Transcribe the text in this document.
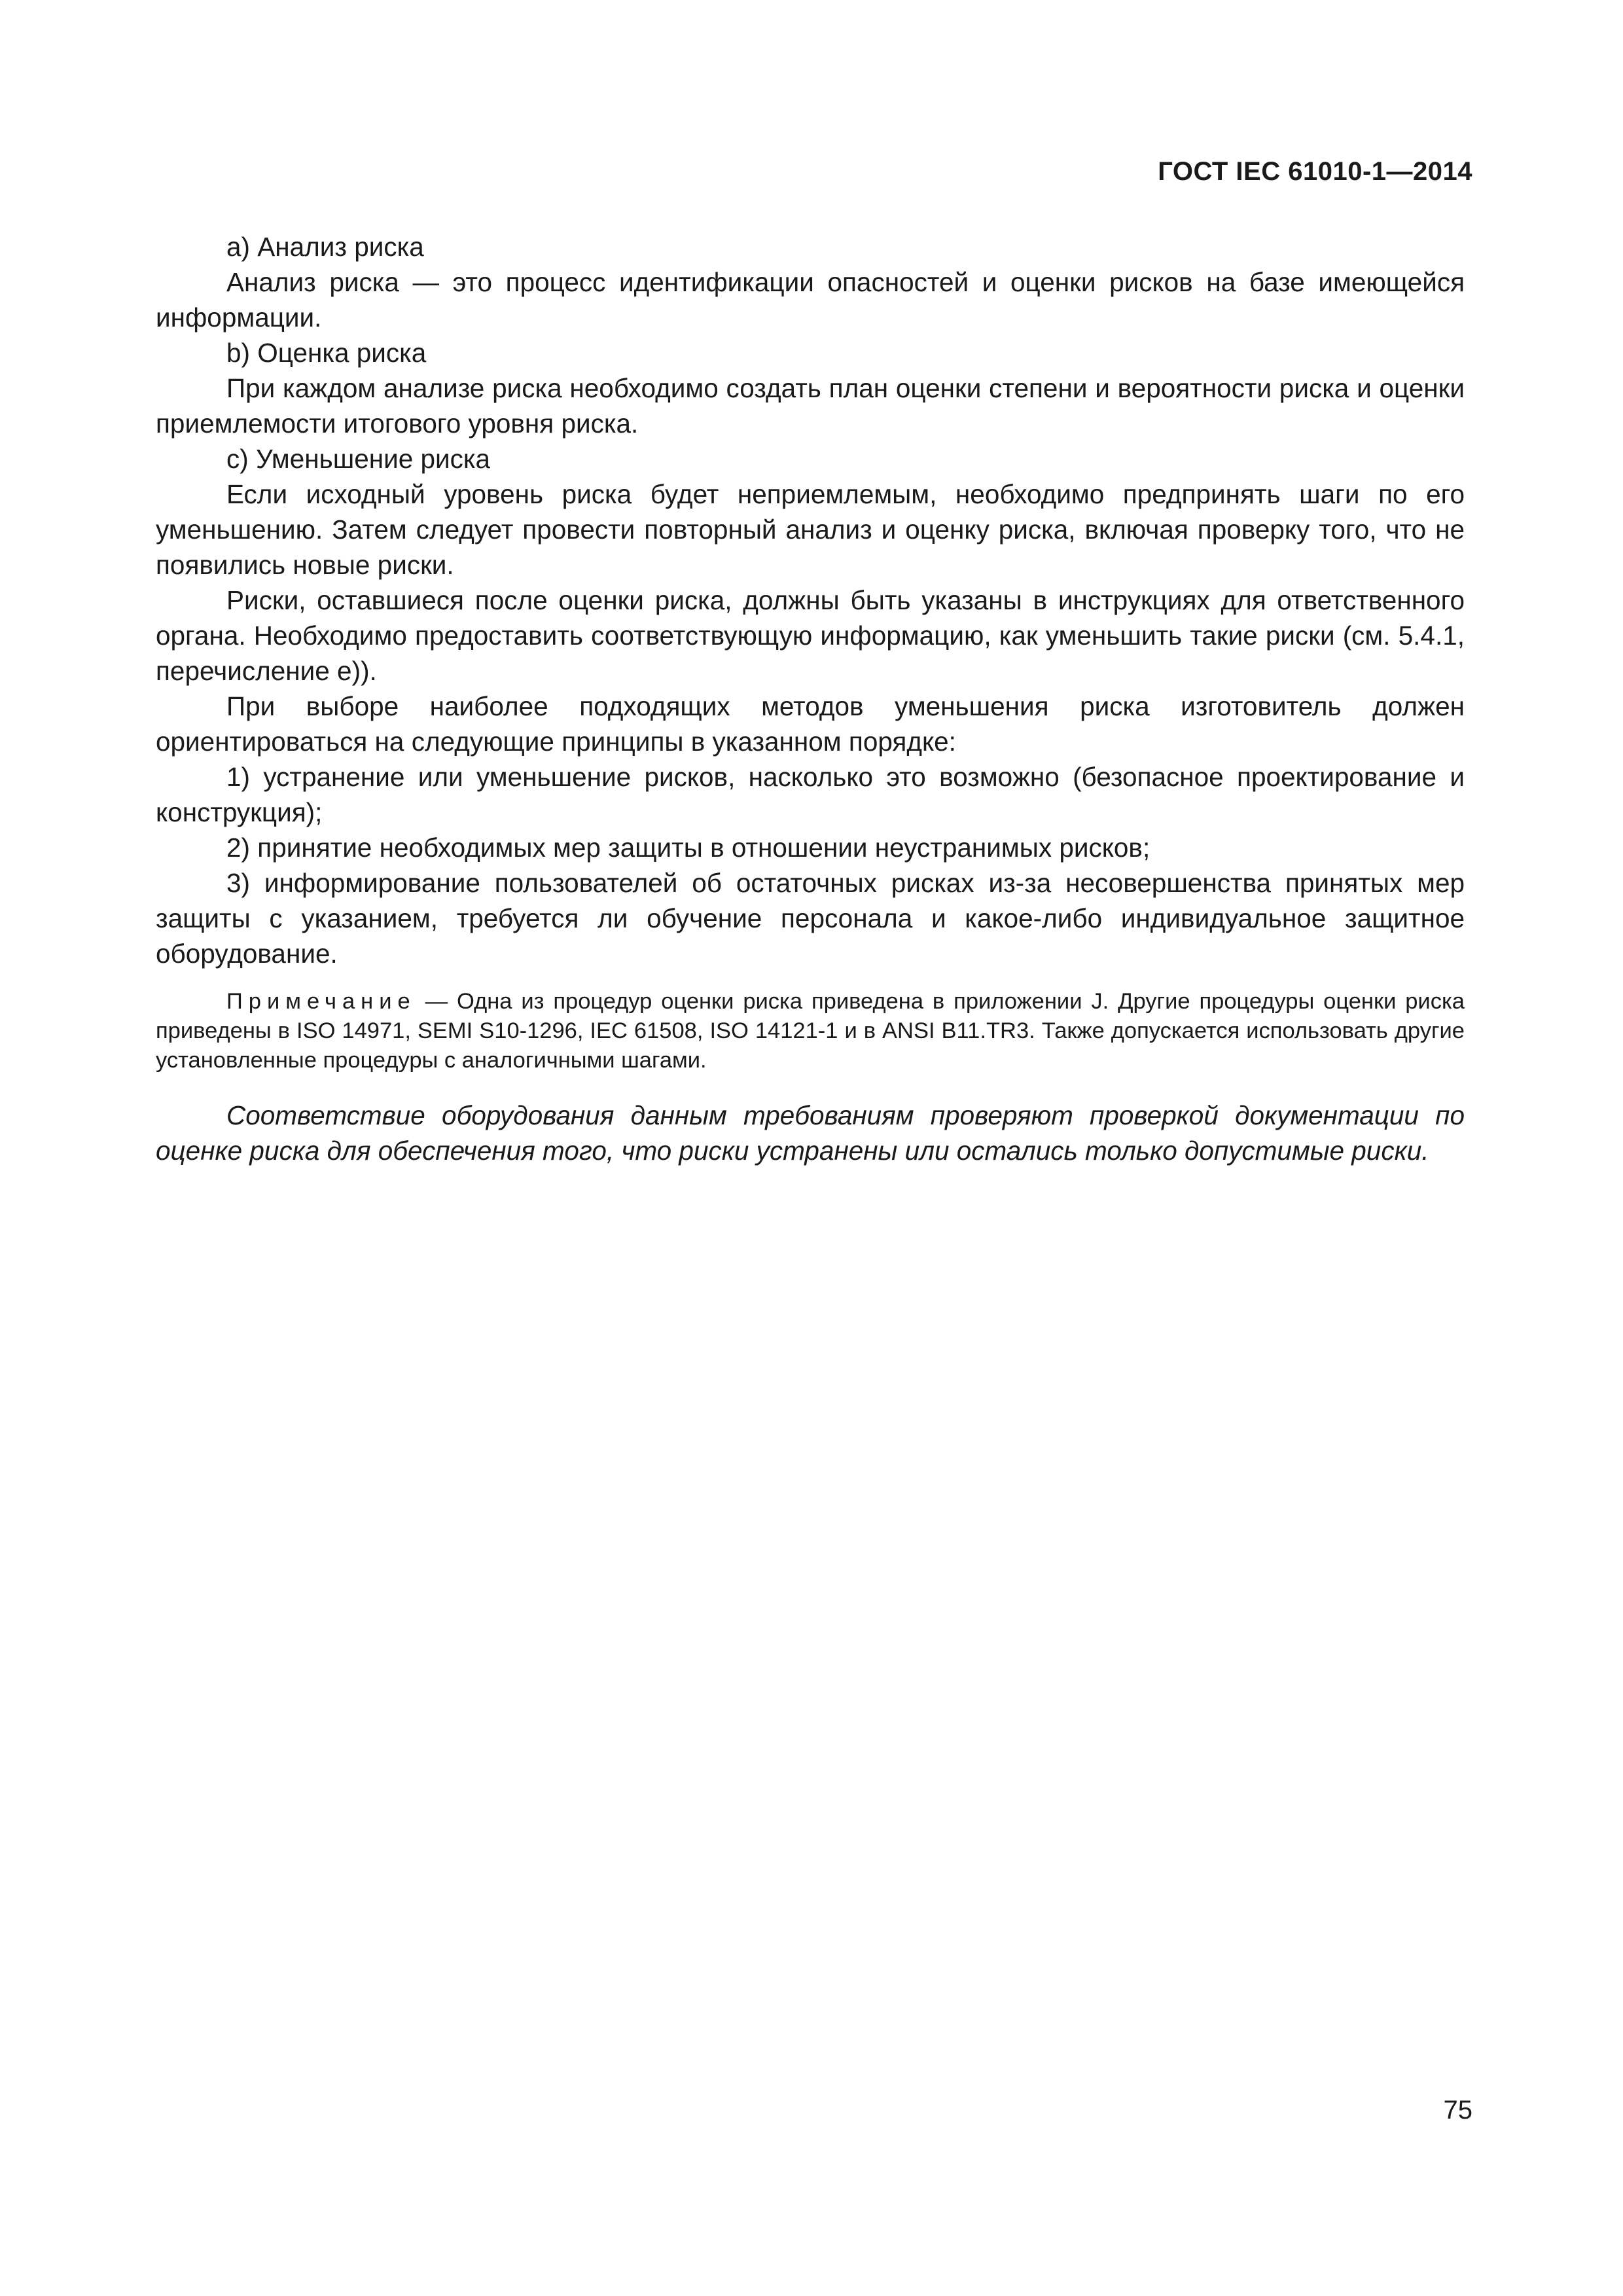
ГОСТ IEC 61010-1—2014

a) Анализ риска

Анализ риска — это процесс идентификации опасностей и оценки рисков на базе имеющейся информации.

b) Оценка риска

При каждом анализе риска необходимо создать план оценки степени и вероятности риска и оценки приемлемости итогового уровня риска.

c) Уменьшение риска

Если исходный уровень риска будет неприемлемым, необходимо предпринять шаги по его уменьшению. Затем следует провести повторный анализ и оценку риска, включая проверку того, что не появились новые риски.

Риски, оставшиеся после оценки риска, должны быть указаны в инструкциях для ответственного органа. Необходимо предоставить соответствующую информацию, как уменьшить такие риски (см. 5.4.1, перечисление е)).

При выборе наиболее подходящих методов уменьшения риска изготовитель должен ориентироваться на следующие принципы в указанном порядке:

1) устранение или уменьшение рисков, насколько это возможно (безопасное проектирование и конструкция);

2) принятие необходимых мер защиты в отношении неустранимых рисков;

3) информирование пользователей об остаточных рисках из-за несовершенства принятых мер защиты с указанием, требуется ли обучение персонала и какое-либо индивидуальное защитное оборудование.

Примечание — Одна из процедур оценки риска приведена в приложении J. Другие процедуры оценки риска приведены в ISO 14971, SEMI S10-1296, IEC 61508, ISO 14121-1 и в ANSI B11.TR3. Также допускается использовать другие установленные процедуры с аналогичными шагами.

Соответствие оборудования данным требованиям проверяют проверкой документации по оценке риска для обеспечения того, что риски устранены или остались только допустимые риски.

75
